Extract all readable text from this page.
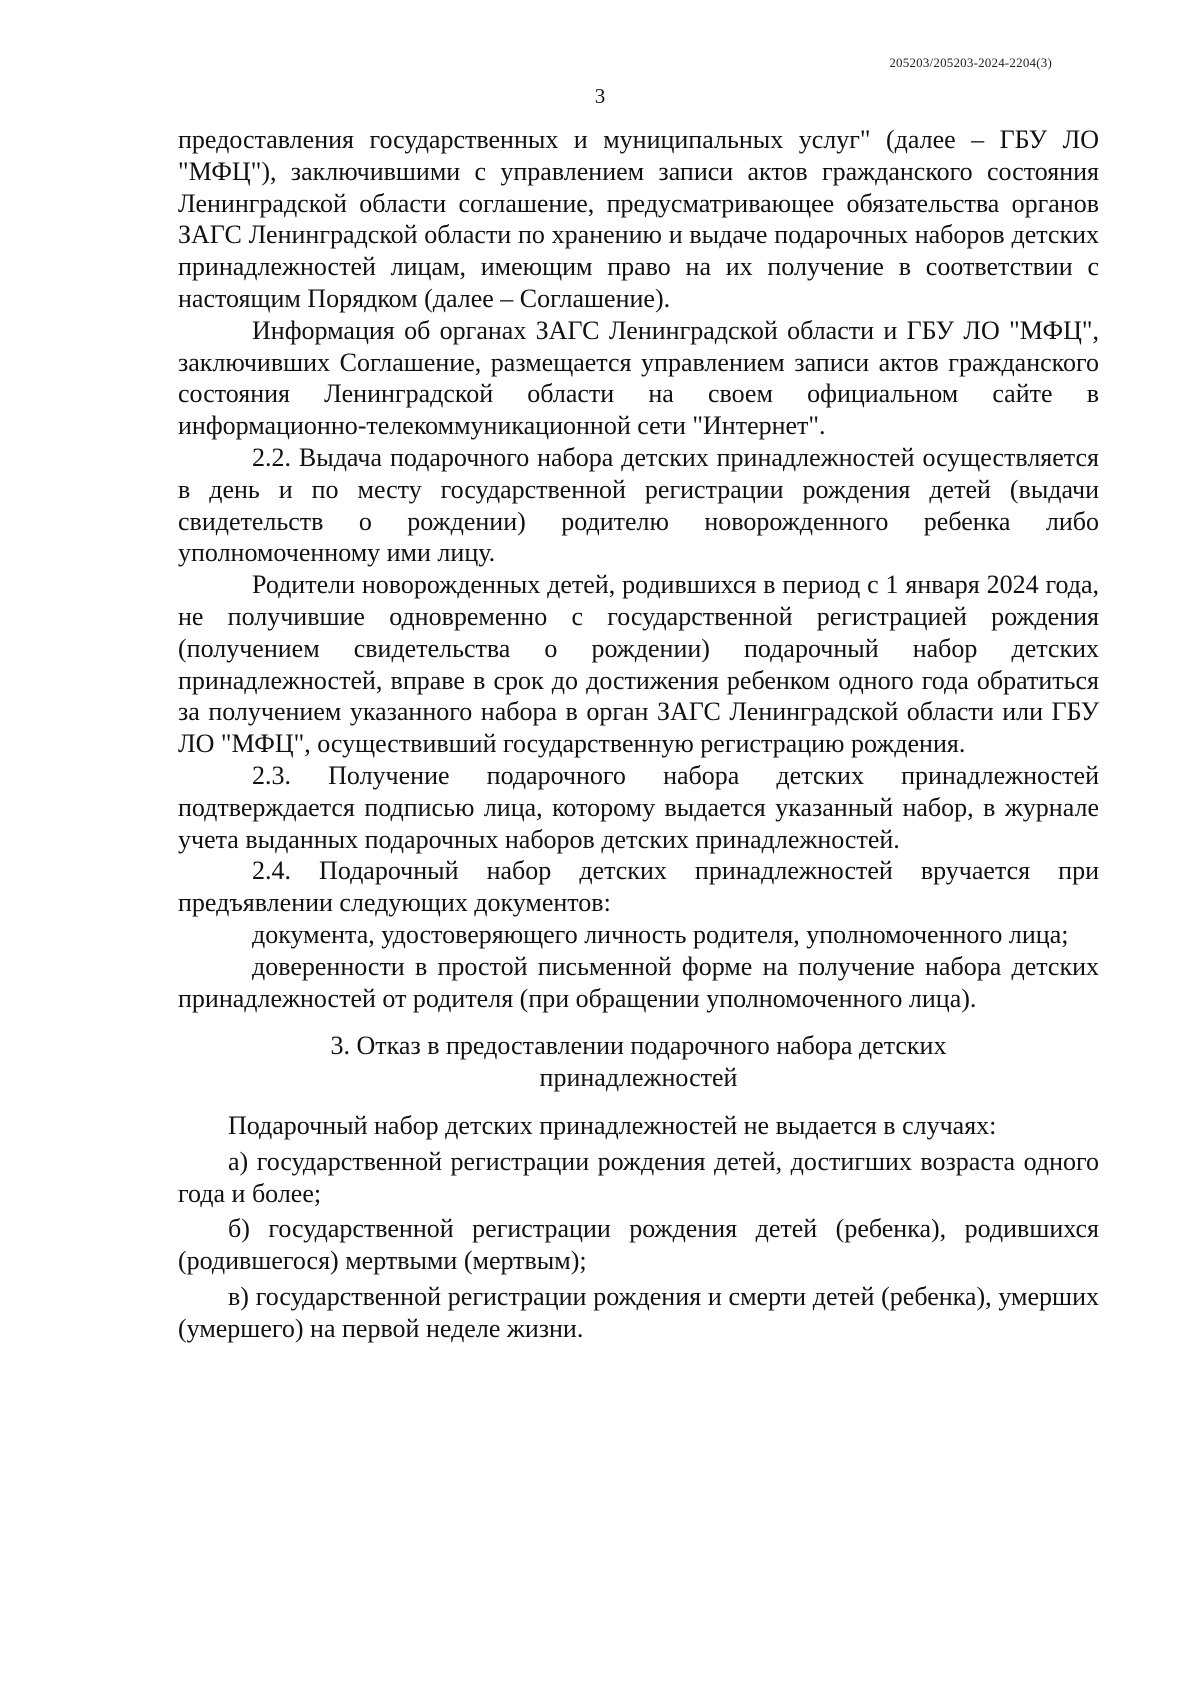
205203/205203-2024-2204(3)
3

предоставления государственных и муниципальных услуг" (далее – ГБУ ЛО "МФЦ"), заключившими с управлением записи актов гражданского состояния Ленинградской области соглашение, предусматривающее обязательства органов ЗАГС Ленинградской области по хранению и выдаче подарочных наборов детских принадлежностей лицам, имеющим право на их получение в соответствии с настоящим Порядком (далее – Соглашение).

Информация об органах ЗАГС Ленинградской области и ГБУ ЛО "МФЦ", заключивших Соглашение, размещается управлением записи актов гражданского состояния Ленинградской области на своем официальном сайте в информационно-телекоммуникационной сети "Интернет".

2.2. Выдача подарочного набора детских принадлежностей осуществляется в день и по месту государственной регистрации рождения детей (выдачи свидетельств о рождении) родителю новорожденного ребенка либо уполномоченному ими лицу.

Родители новорожденных детей, родившихся в период с 1 января 2024 года, не получившие одновременно с государственной регистрацией рождения (получением свидетельства о рождении) подарочный набор детских принадлежностей, вправе в срок до достижения ребенком одного года обратиться за получением указанного набора в орган ЗАГС Ленинградской области или ГБУ ЛО "МФЦ", осуществивший государственную регистрацию рождения.

2.3. Получение подарочного набора детских принадлежностей подтверждается подписью лица, которому выдается указанный набор, в журнале учета выданных подарочных наборов детских принадлежностей.

2.4. Подарочный набор детских принадлежностей вручается при предъявлении следующих документов:

документа, удостоверяющего личность родителя, уполномоченного лица;

доверенности в простой письменной форме на получение набора детских принадлежностей от родителя (при обращении уполномоченного лица).

3. Отказ в предоставлении подарочного набора детских принадлежностей

Подарочный набор детских принадлежностей не выдается в случаях:

а) государственной регистрации рождения детей, достигших возраста одного года и более;

б) государственной регистрации рождения детей (ребенка), родившихся (родившегося) мертвыми (мертвым);

в) государственной регистрации рождения и смерти детей (ребенка), умерших (умершего) на первой неделе жизни.
